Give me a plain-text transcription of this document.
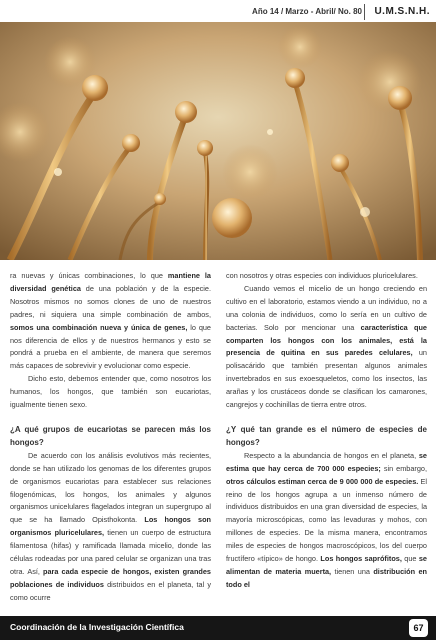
Año 14 / Marzo - Abril/ No. 80 U.M.S.N.H.

ra nuevas y únicas combinaciones, lo que mantiene la diversidad genética de una población y de la especie. Nosotros mismos no somos clones de uno de nuestros padres, ni siquiera una simple combinación de ambos, somos una combinación nueva y única de genes, lo que nos diferencia de ellos y de nuestros hermanos y esto se pondrá a prueba en el ambiente, de manera que seremos más capaces de sobrevivir y evolucionar como especie.

Dicho esto, debemos entender que, como nosotros los humanos, los hongos, que también son eucariotas, igualmente tienen sexo.

¿A qué grupos de eucariotas se parecen más los hongos?

De acuerdo con los análisis evolutivos más recientes, donde se han utilizado los genomas de los diferentes grupos de organismos eucariotas para establecer sus relaciones filogenómicas, los hongos, los animales y algunos organismos unicelulares flagelados integran un supergrupo al que se ha llamado Opisthokonta. Los hongos son organismos pluricelulares, tienen un cuerpo de estructura filamentosa (hifas) y ramificada llamada micelio, donde las células rodeadas por una pared celular se organizan una tras otra. Así, para cada especie de hongos, existen grandes poblaciones de individuos distribuidos en el planeta, tal y como ocurre

con nosotros y otras especies con individuos pluricelulares.

Cuando vemos el micelio de un hongo creciendo en cultivo en el laboratorio, estamos viendo a un individuo, no a una colonia de individuos, como lo sería en un cultivo de bacterias. Solo por mencionar una característica que comparten los hongos con los animales, está la presencia de quitina en sus paredes celulares, un polisacárido que también presentan algunos animales invertebrados en sus exoesqueletos, como los insectos, las arañas y los crustáceos donde se clasifican los camarones, cangrejos y cochinillas de tierra entre otros.

¿Y qué tan grande es el número de especies de hongos?

Respecto a la abundancia de hongos en el planeta, se estima que hay cerca de 700 000 especies; sin embargo, otros cálculos estiman cerca de 9 000 000 de especies. El reino de los hongos agrupa a un inmenso número de individuos distribuidos en una gran diversidad de especies, la mayoría microscópicas, como las levaduras y mohos, con millones de especies. De la misma manera, encontramos miles de especies de hongos macroscópicos, los del cuerpo fructífero «típico» de hongo. Los hongos saprófitos, que se alimentan de materia muerta, tienen una distribución en todo el

Coordinación de la Investigación Científica	67
